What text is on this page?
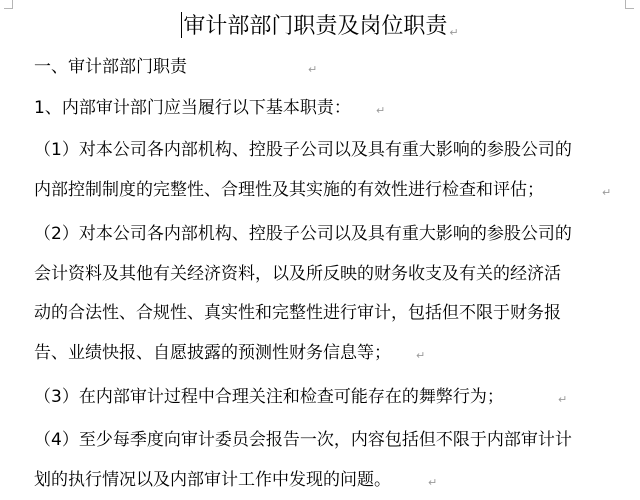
审计部部门职责及岗位职责 ↵
一、审计部部门职责	↵
1、内部审计部门应当履行以下基本职责： ↵
（1）对本公司各内部机构、控股子公司以及具有重大影响的参股公司的
内部控制制度的完整性、合理性及其实施的有效性进行检查和评估；	↵
（2）对本公司各内部机构、控股子公司以及具有重大影响的参股公司的
会计资料及其他有关经济资料，以及所反映的财务收支及有关的经济活
动的合法性、合规性、真实性和完整性进行审计，包括但不限于财务报
告、业绩快报、自愿披露的预测性财务信息等； ↵
（3）在内部审计过程中合理关注和检查可能存在的舞弊行为；	↵
（4）至少每季度向审计委员会报告一次，内容包括但不限于内部审计计
划的执行情况以及内部审计工作中发现的问题。	↵
